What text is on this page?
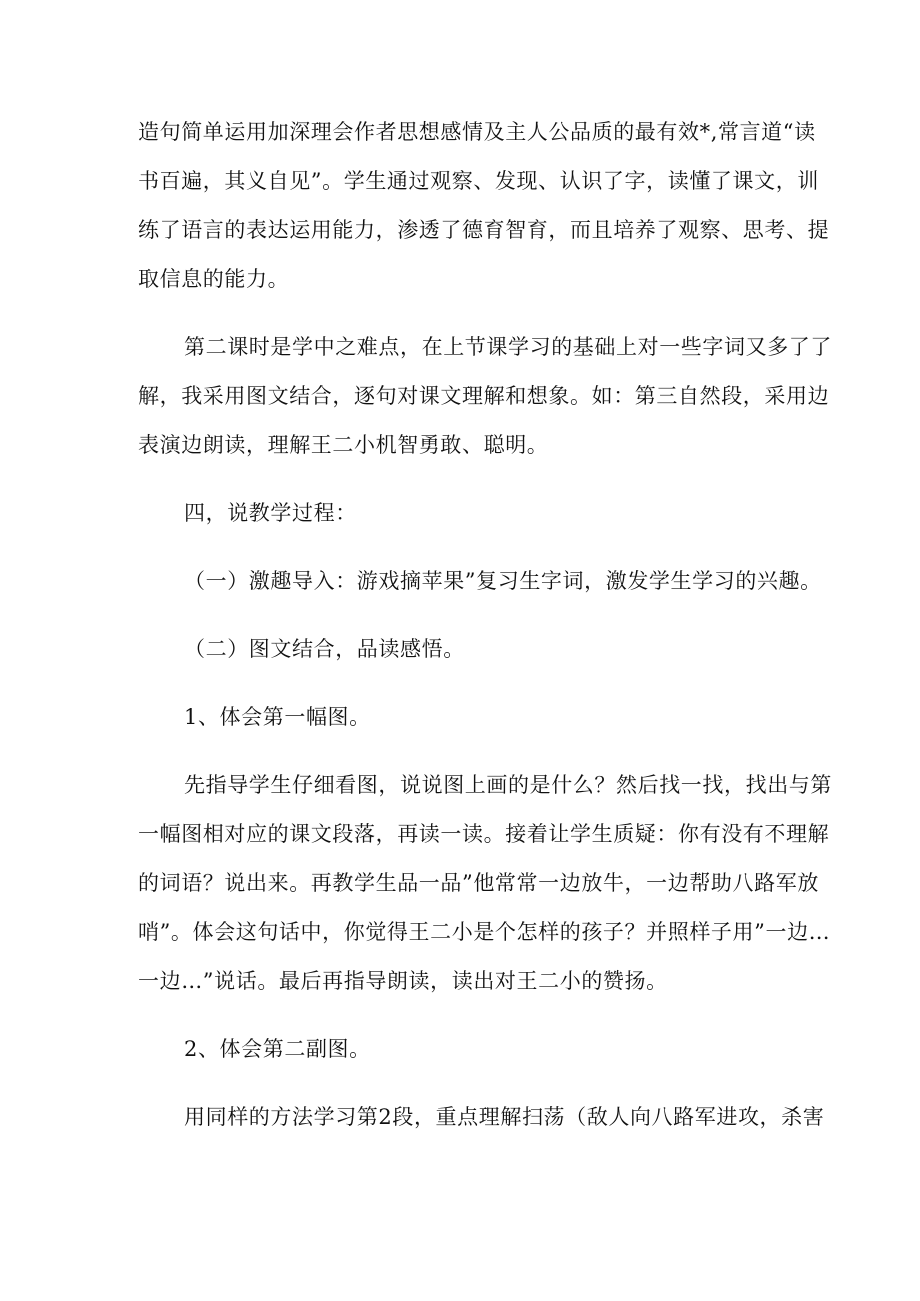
造句简单运用加深理会作者思想感情及主人公品质的最有效*,常言道“读
书百遍，其义自见”。学生通过观察、发现、认识了字，读懂了课文，训
练了语言的表达运用能力，渗透了德育智育，而且培养了观察、思考、提
取信息的能力。
第二课时是学中之难点，在上节课学习的基础上对一些字词又多了了
解，我采用图文结合，逐句对课文理解和想象。如：第三自然段，采用边
表演边朗读，理解王二小机智勇敢、聪明。
四，说教学过程：
（一）激趣导入：游戏摘苹果”复习生字词，激发学生学习的兴趣。
（二）图文结合，品读感悟。
1、体会第一幅图。
先指导学生仔细看图，说说图上画的是什么？然后找一找，找出与第
一幅图相对应的课文段落，再读一读。接着让学生质疑：你有没有不理解
的词语？说出来。再教学生品一品”他常常一边放牛，一边帮助八路军放
哨”。体会这句话中，你觉得王二小是个怎样的孩子？并照样子用”一边…
一边…”说话。最后再指导朗读，读出对王二小的赞扬。
2、体会第二副图。
用同样的方法学习第2段，重点理解扫荡（敌人向八路军进攻，杀害
